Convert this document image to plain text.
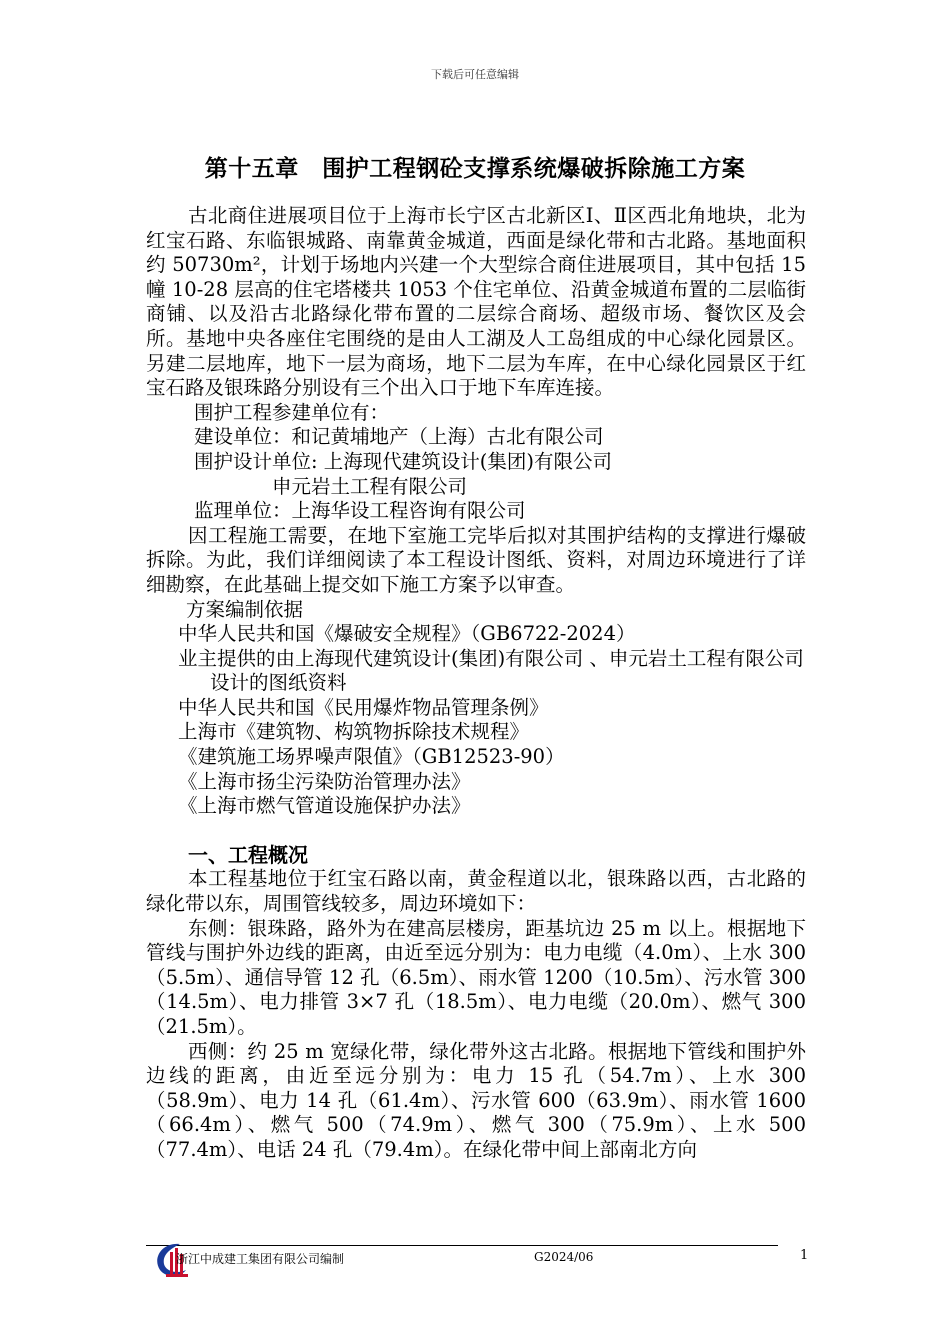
下载后可任意编辑
第十五章　围护工程钢砼支撑系统爆破拆除施工方案

古北商住进展项目位于上海市长宁区古北新区Ⅰ、Ⅱ区西北角地块，北为红宝石路、东临银城路、南靠黄金城道，西面是绿化带和古北路。基地面积约 50730m²，计划于场地内兴建一个大型综合商住进展项目，其中包括 15 幢 10-28 层高的住宅塔楼共 1053 个住宅单位、沿黄金城道布置的二层临街商铺、以及沿古北路绿化带布置的二层综合商场、超级市场、餐饮区及会所。基地中央各座住宅围绕的是由人工湖及人工岛组成的中心绿化园景区。另建二层地库，地下一层为商场，地下二层为车库，在中心绿化园景区于红宝石路及银珠路分别设有三个出入口于地下车库连接。

围护工程参建单位有：

建设单位：和记黄埔地产（上海）古北有限公司

围护设计单位: 上海现代建筑设计(集团)有限公司

申元岩土工程有限公司

监理单位：上海华设工程咨询有限公司

因工程施工需要，在地下室施工完毕后拟对其围护结构的支撑进行爆破拆除。为此，我们详细阅读了本工程设计图纸、资料，对周边环境进行了详细勘察，在此基础上提交如下施工方案予以审查。

方案编制依据

中华人民共和国《爆破安全规程》（GB6722-2024）

业主提供的由上海现代建筑设计(集团)有限公司 、申元岩土工程有限公司设计的图纸资料

中华人民共和国《民用爆炸物品管理条例》

上海市《建筑物、构筑物拆除技术规程》

《建筑施工场界噪声限值》（GB12523-90）

《上海市扬尘污染防治管理办法》

《上海市燃气管道设施保护办法》

一、工程概况

本工程基地位于红宝石路以南，黄金程道以北，银珠路以西，古北路的绿化带以东，周围管线较多，周边环境如下：

东侧：银珠路，路外为在建高层楼房，距基坑边 25 m 以上。根据地下管线与围护外边线的距离，由近至远分别为：电力电缆（4.0m）、上水 300（5.5m）、通信导管 12 孔（6.5m）、雨水管 1200（10.5m）、污水管 300（14.5m）、电力排管 3×7 孔（18.5m）、电力电缆（20.0m）、燃气 300（21.5m）。

西侧：约 25 m 宽绿化带，绿化带外这古北路。根据地下管线和围护外边线的距离，由近至远分别为：电力 15 孔（54.7m）、上水 300（58.9m）、电力 14 孔（61.4m）、污水管 600（63.9m）、雨水管 1600（66.4m）、燃气 500（74.9m）、燃气 300（75.9m）、上水 500（77.4m）、电话 24 孔（79.4m）。在绿化带中间上部南北方向

浙江中成建工集团有限公司编制	G2024/06	1
